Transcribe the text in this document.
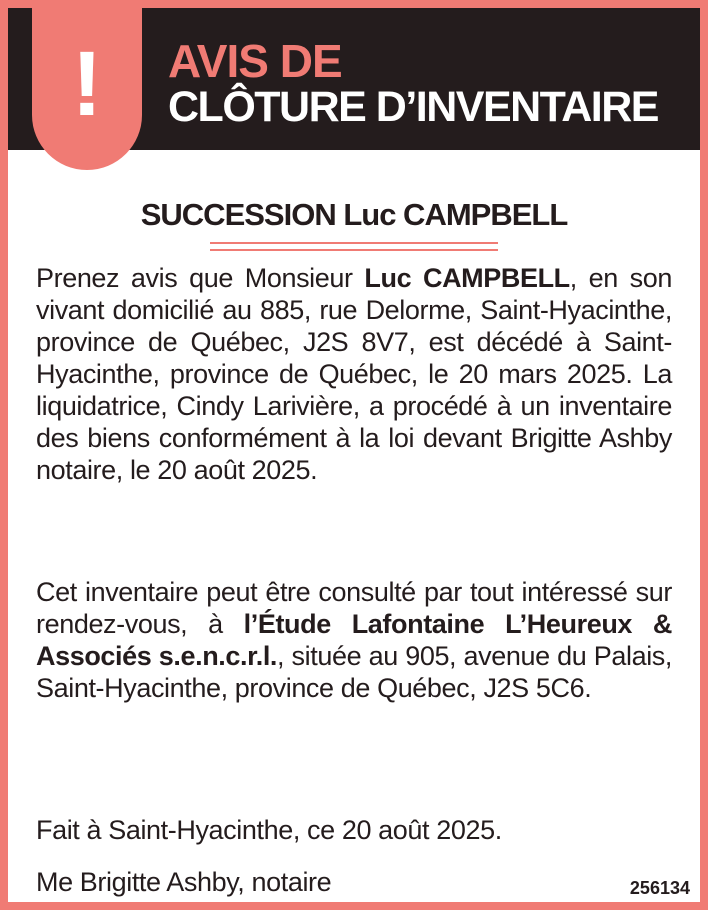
AVIS DE
CLÔTURE D’INVENTAIRE
!
SUCCESSION Luc CAMPBELL
Prenez avis que Monsieur Luc CAMPBELL, en son vivant domicilié au 885, rue Delorme, Saint-Hyacinthe, province de Québec, J2S 8V7, est décédé à Saint-Hyacinthe, province de Québec, le 20 mars 2025. La liquidatrice, Cindy Larivière, a procédé à un inventaire des biens conformément à la loi devant Brigitte Ashby notaire, le 20 août 2025.
Cet inventaire peut être consulté par tout intéressé sur rendez-vous, à l’Étude Lafontaine L’Heureux & Associés s.e.n.c.r.l., située au 905, avenue du Palais, Saint-Hyacinthe, province de Québec, J2S 5C6.
Fait à Saint-Hyacinthe, ce 20 août 2025.
Me Brigitte Ashby, notaire	256134
